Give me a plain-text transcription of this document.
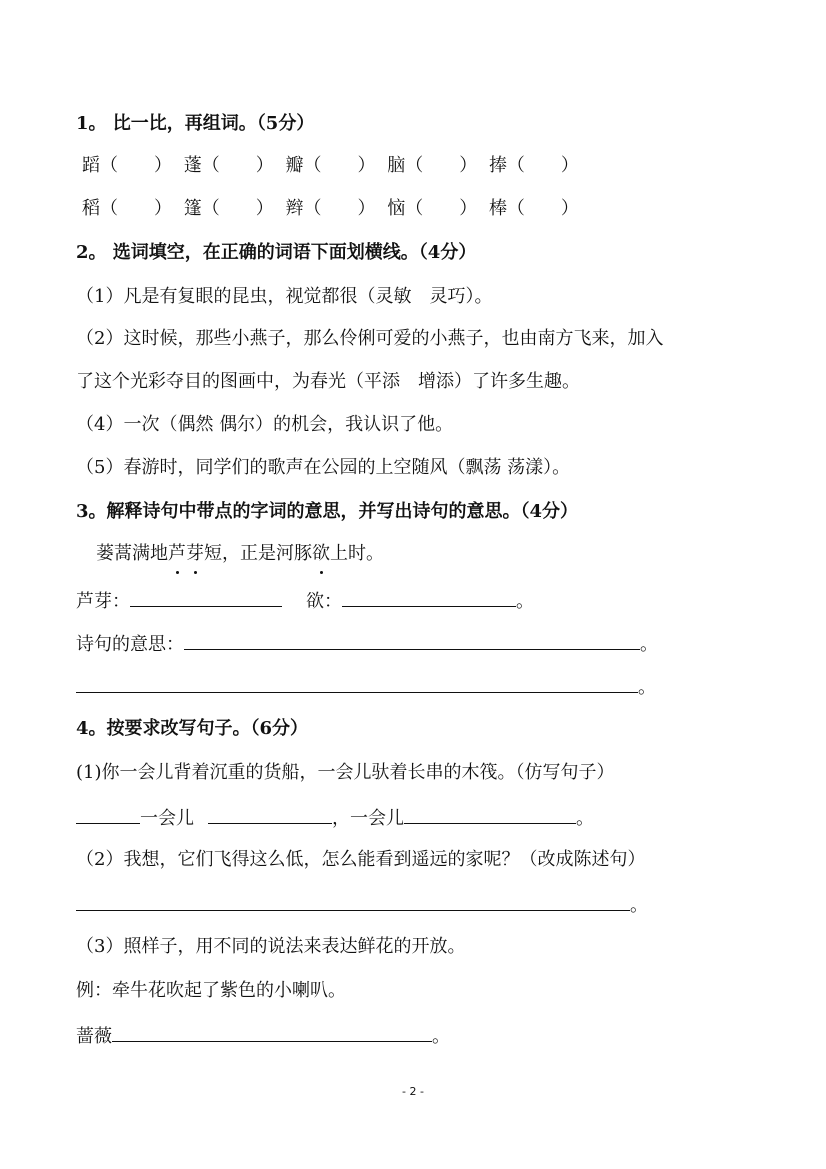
1。 比一比，再组词。（5分）
蹈（　　） 蓬（　　） 瓣（　　） 脑（　　） 捧（　　）
稻（　　） 篷（　　） 辫（　　） 恼（　　） 棒（　　）
2。 选词填空，在正确的词语下面划横线。（4分）
（1）凡是有复眼的昆虫，视觉都很（灵敏　灵巧）。
（2）这时候，那些小燕子，那么伶俐可爱的小燕子，也由南方飞来，加入
了这个光彩夺目的图画中，为春光（平添　增添）了许多生趣。
（4）一次（偶然 偶尔）的机会，我认识了他。
（5）春游时，同学们的歌声在公园的上空随风（飘荡 荡漾）。
3。解释诗句中带点的字词的意思，并写出诗句的意思。（4分）
蒌蒿满地芦芽短，正是河豚欲上时。
芦芽：	欲：	。
诗句的意思：	。
。
4。按要求改写句子。（6分）
(1)你一会儿背着沉重的货船，一会儿驮着长串的木筏。（仿写句子）
一会儿	，一会儿	。
（2）我想，它们飞得这么低，怎么能看到遥远的家呢？（改成陈述句）
。
（3）照样子，用不同的说法来表达鲜花的开放。
例：牵牛花吹起了紫色的小喇叭。
蔷薇	。
- 2 -
